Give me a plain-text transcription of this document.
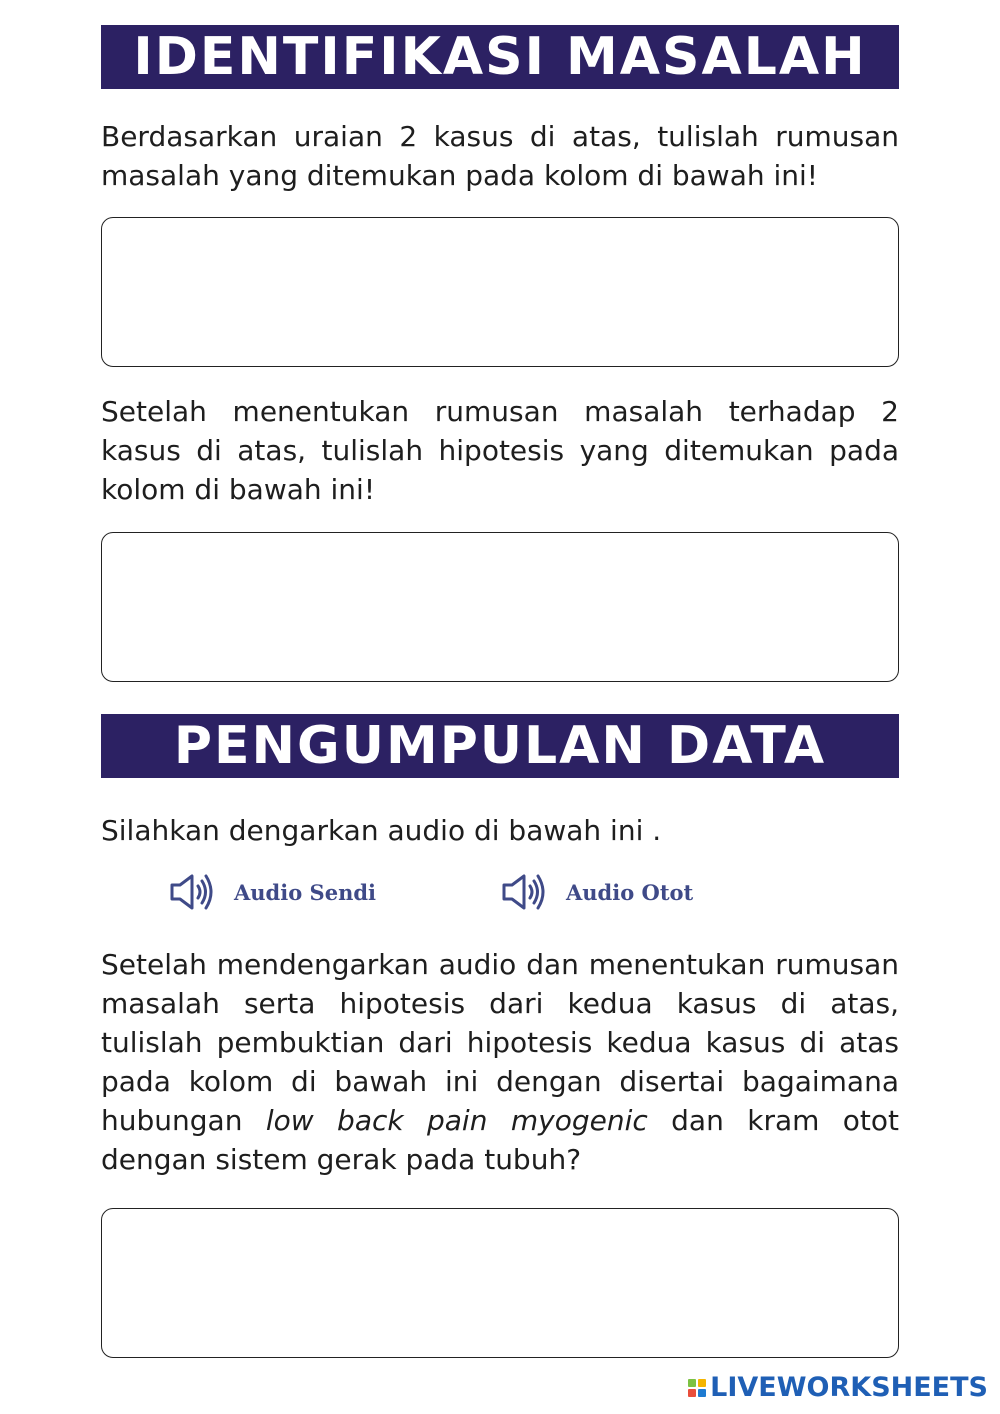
IDENTIFIKASI MASALAH

Berdasarkan uraian 2 kasus di atas, tulislah rumusan masalah yang ditemukan pada kolom di bawah ini!

Setelah menentukan rumusan masalah terhadap 2 kasus di atas, tulislah hipotesis yang ditemukan pada kolom di bawah ini!

PENGUMPULAN DATA

Silahkan dengarkan audio di bawah ini .

Audio Sendi	Audio Otot

Setelah mendengarkan audio dan menentukan rumusan masalah serta hipotesis dari kedua kasus di atas, tulislah pembuktian dari hipotesis kedua kasus di atas pada kolom di bawah ini dengan disertai bagaimana hubungan low back pain myogenic dan kram otot dengan sistem gerak pada tubuh?

LIVEWORKSHEETS
